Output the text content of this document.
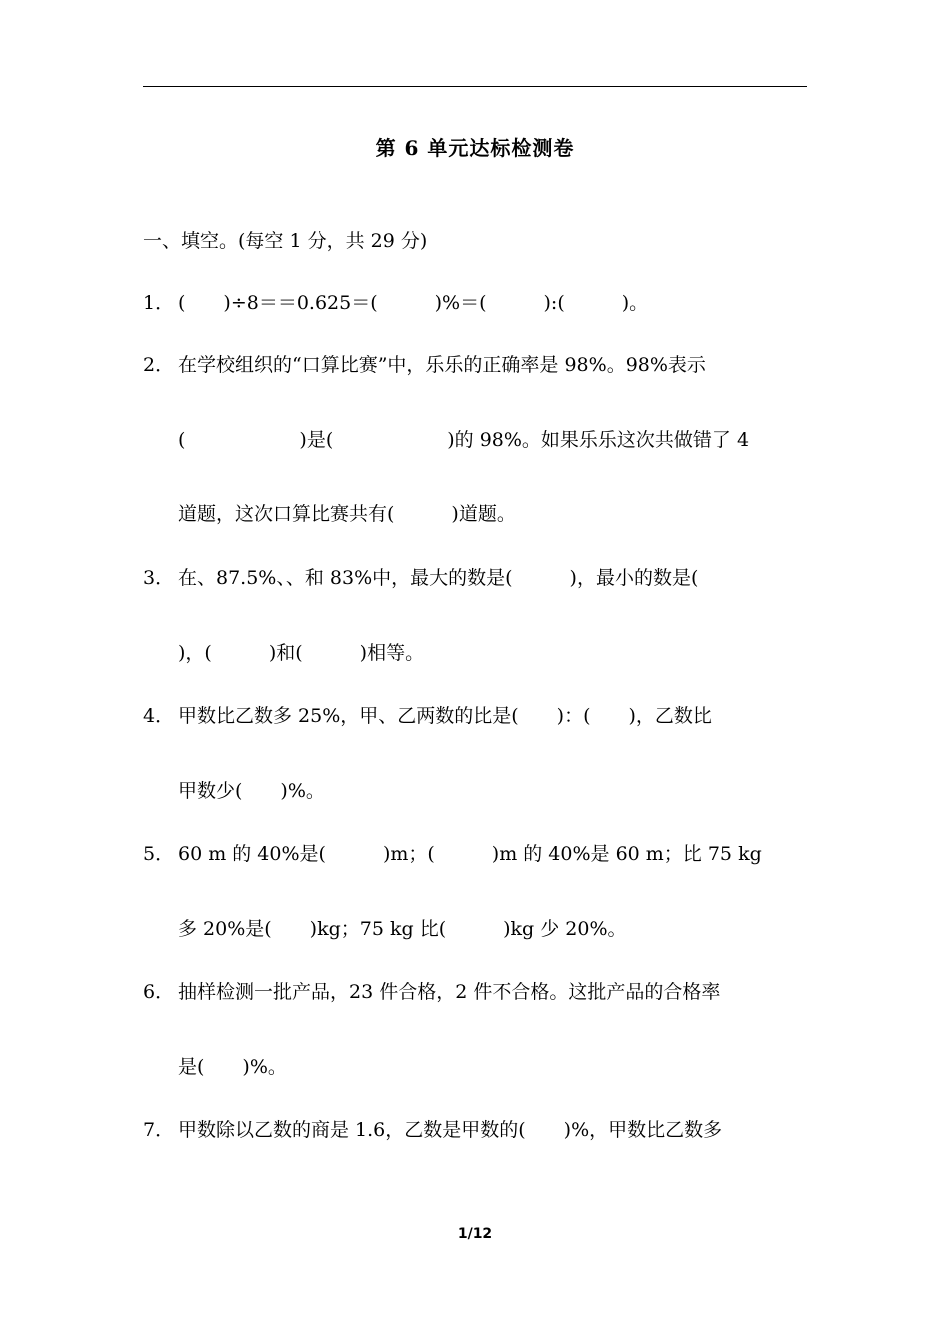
第 6 单元达标检测卷
一、填空。(每空 1 分，共 29 分)
1． (　　)÷8＝＝0.625＝(　　　)%＝(　　　):(　　　)。
2． 在学校组织的“口算比赛”中，乐乐的正确率是 98%。98%表示
(　　　　　　)是(　　　　　　)的 98%。如果乐乐这次共做错了 4
道题，这次口算比赛共有(　　　)道题。
3． 在、87.5%、、和 83%中，最大的数是(　　　)，最小的数是(
)，(　　　)和(　　　)相等。
4． 甲数比乙数多 25%，甲、乙两数的比是(　　)：(　　)，乙数比
甲数少(　　)%。
5． 60 m 的 40%是(　　　)m；(　　　)m 的 40%是 60 m；比 75 kg
多 20%是(　　)kg；75 kg 比(　　　)kg 少 20%。
6． 抽样检测一批产品，23 件合格，2 件不合格。这批产品的合格率
是(　　)%。
7． 甲数除以乙数的商是 1.6，乙数是甲数的(　　)%，甲数比乙数多
1/12
